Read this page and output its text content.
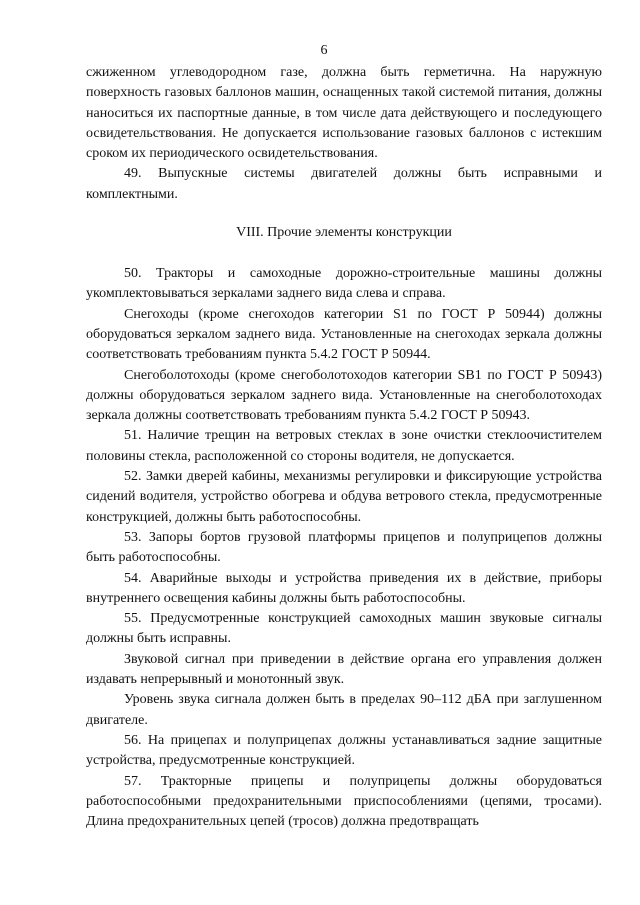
6

сжиженном углеводородном газе, должна быть герметична. На наружную поверхность газовых баллонов машин, оснащенных такой системой питания, должны наноситься их паспортные данные, в том числе дата действующего и последующего освидетельствования. Не допускается использование газовых баллонов с истекшим сроком их периодического освидетельствования.

49. Выпускные системы двигателей должны быть исправными и комплектными.

VIII. Прочие элементы конструкции

50. Тракторы и самоходные дорожно-строительные машины должны укомплектовываться зеркалами заднего вида слева и справа.

Снегоходы (кроме снегоходов категории S1 по ГОСТ Р 50944) должны оборудоваться зеркалом заднего вида. Установленные на снегоходах зеркала должны соответствовать требованиям пункта 5.4.2 ГОСТ Р 50944.

Снегоболотоходы (кроме снегоболотоходов категории SB1 по ГОСТ Р 50943) должны оборудоваться зеркалом заднего вида. Установленные на снегоболотоходах зеркала должны соответствовать требованиям пункта 5.4.2 ГОСТ Р 50943.

51. Наличие трещин на ветровых стеклах в зоне очистки стеклоочистителем половины стекла, расположенной со стороны водителя, не допускается.

52. Замки дверей кабины, механизмы регулировки и фиксирующие устройства сидений водителя, устройство обогрева и обдува ветрового стекла, предусмотренные конструкцией, должны быть работоспособны.

53. Запоры бортов грузовой платформы прицепов и полуприцепов должны быть работоспособны.

54. Аварийные выходы и устройства приведения их в действие, приборы внутреннего освещения кабины должны быть работоспособны.

55. Предусмотренные конструкцией самоходных машин звуковые сигналы должны быть исправны.

Звуковой сигнал при приведении в действие органа его управления должен издавать непрерывный и монотонный звук.

Уровень звука сигнала должен быть в пределах 90–112 дБА при заглушенном двигателе.

56. На прицепах и полуприцепах должны устанавливаться задние защитные устройства, предусмотренные конструкцией.

57. Тракторные прицепы и полуприцепы должны оборудоваться работоспособными предохранительными приспособлениями (цепями, тросами). Длина предохранительных цепей (тросов) должна предотвращать
